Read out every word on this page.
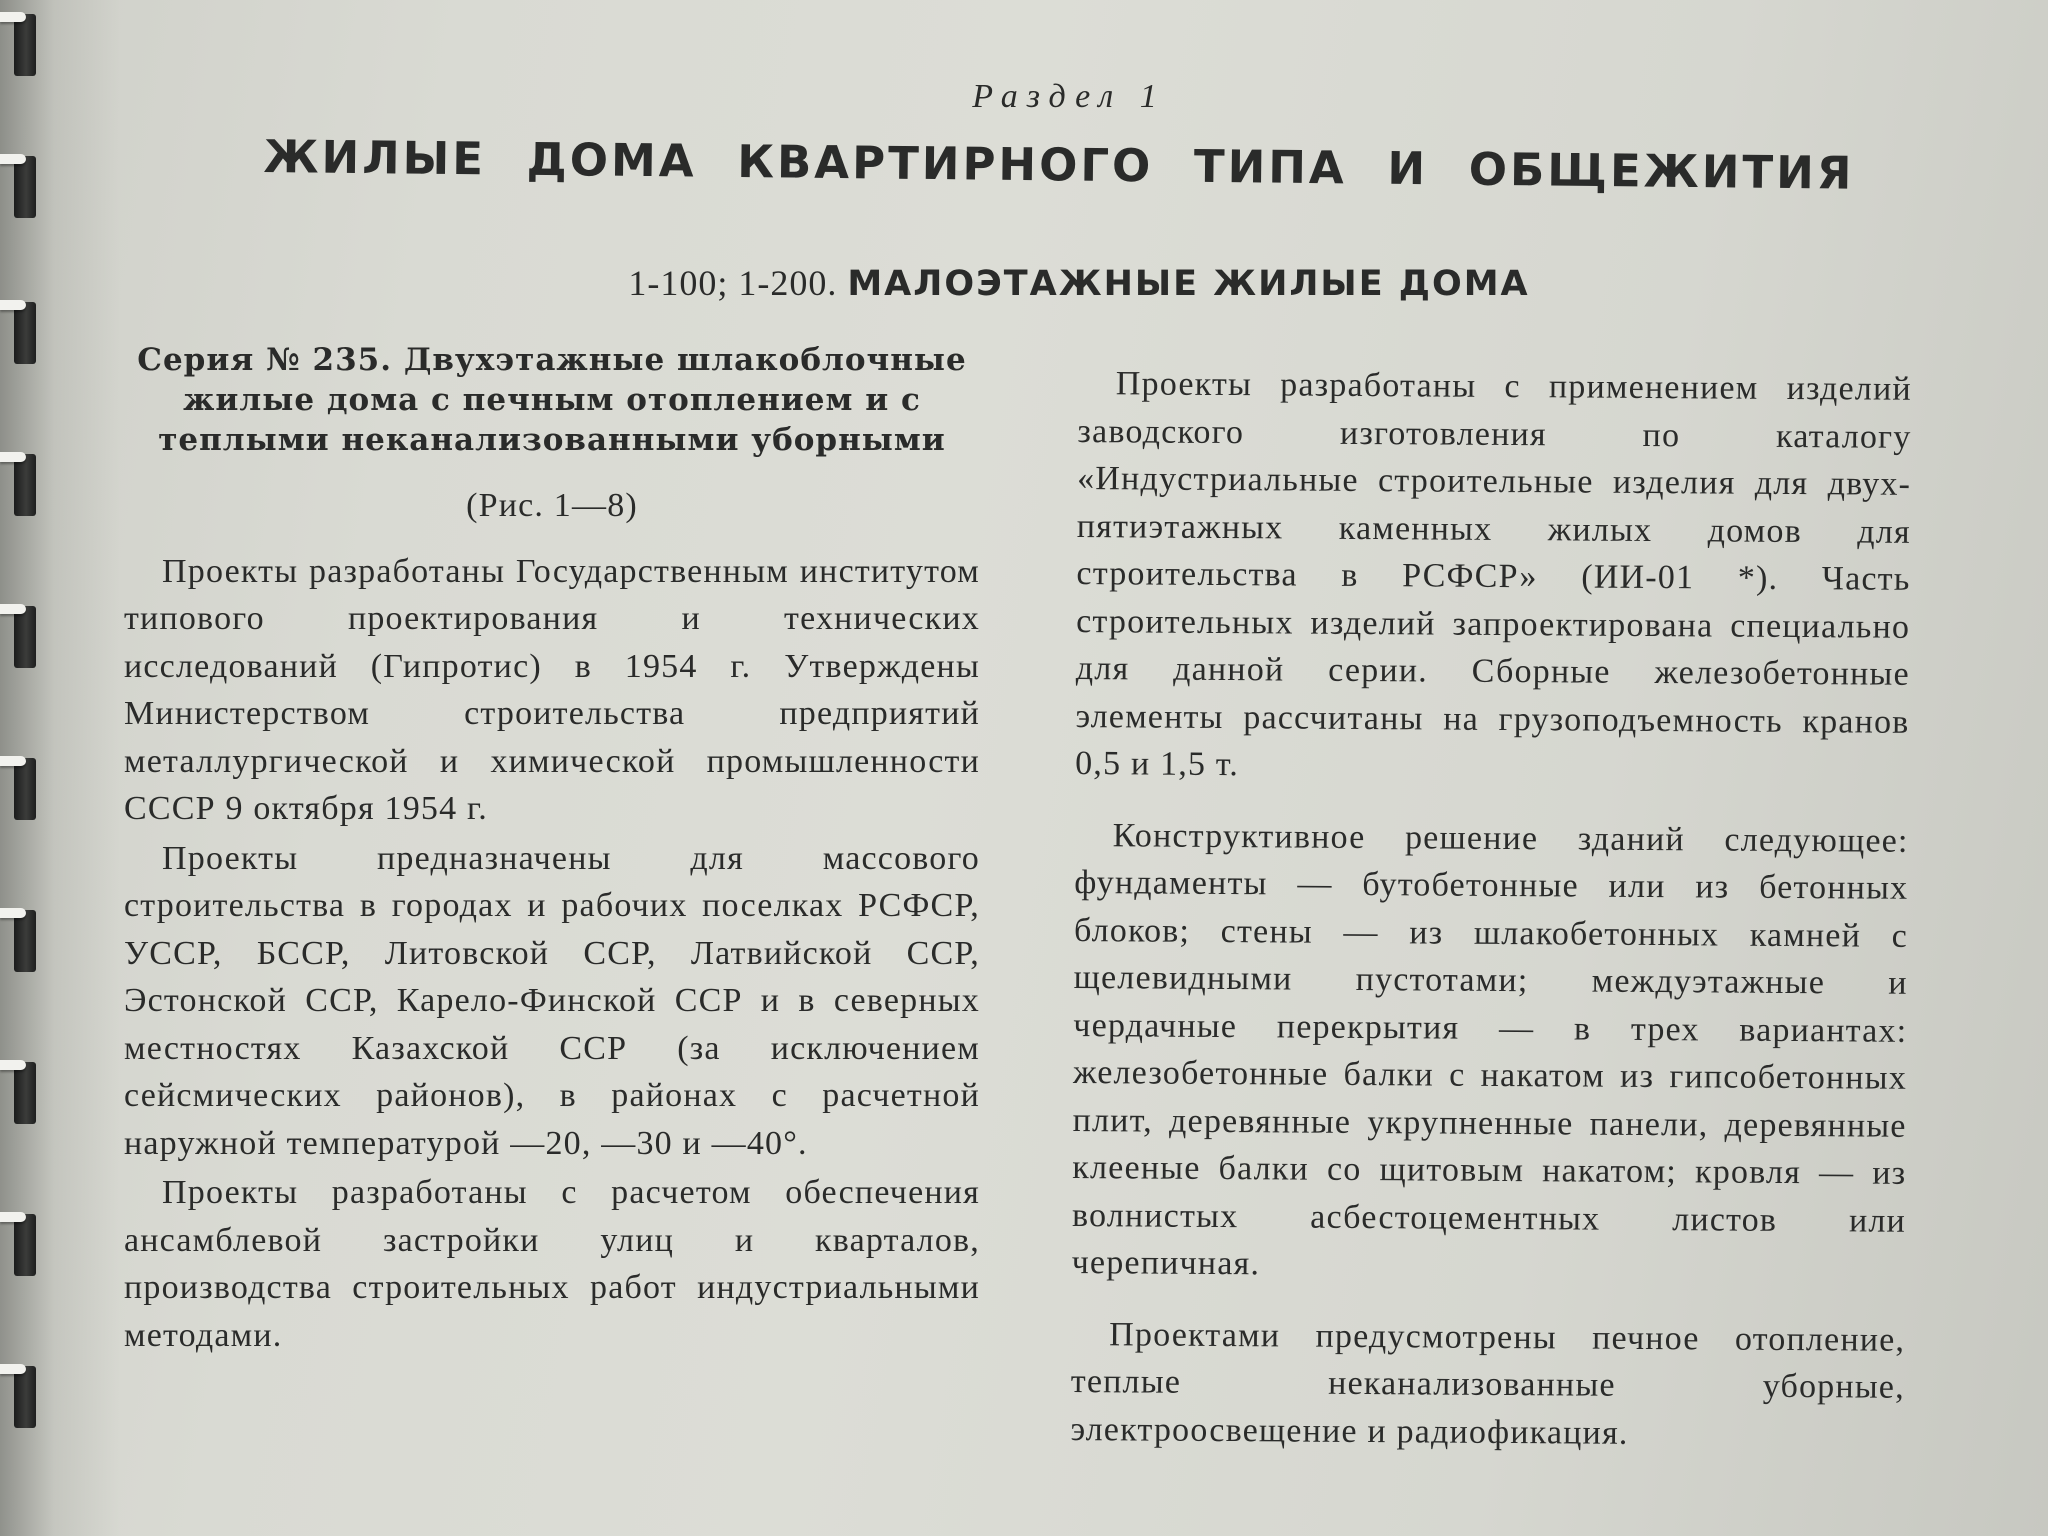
Раздел 1
ЖИЛЫЕ ДОМА КВАРТИРНОГО ТИПА И ОБЩЕЖИТИЯ
1-100; 1-200. МАЛОЭТАЖНЫЕ ЖИЛЫЕ ДОМА
Серия № 235. Двухэтажные шлакоблочные жилые дома с печным отоплением и с теплыми неканализованными уборными
(Рис. 1—8)

Проекты разработаны Государственным институтом типового проектирования и технических исследований (Гипротис) в 1954 г. Утверждены Министерством строительства предприятий металлургической и химической промышленности СССР 9 октября 1954 г.

Проекты предназначены для массового строительства в городах и рабочих поселках РСФСР, УССР, БССР, Литовской ССР, Латвийской ССР, Эстонской ССР, Карело-Финской ССР и в северных местностях Казахской ССР (за исключением сейсмических районов), в районах с расчетной наружной температурой —20, —30 и —40°.

Проекты разработаны с расчетом обеспечения ансамблевой застройки улиц и кварталов, производства строительных работ индустриальными методами.

Проекты разработаны с применением изделий заводского изготовления по каталогу «Индустриальные строительные изделия для двух-пятиэтажных каменных жилых домов для строительства в РСФСР» (ИИ-01 *). Часть строительных изделий запроектирована специально для данной серии. Сборные железобетонные элементы рассчитаны на грузоподъемность кранов 0,5 и 1,5 т.

Конструктивное решение зданий следующее: фундаменты — бутобетонные или из бетонных блоков; стены — из шлакобетонных камней с щелевидными пустотами; междуэтажные и чердачные перекрытия — в трех вариантах: железобетонные балки с накатом из гипсобетонных плит, деревянные укрупненные панели, деревянные клееные балки со щитовым накатом; кровля — из волнистых асбестоцементных листов или черепичная.

Проектами предусмотрены печное отопление, теплые неканализованные уборные, электроосвещение и радиофикация.
